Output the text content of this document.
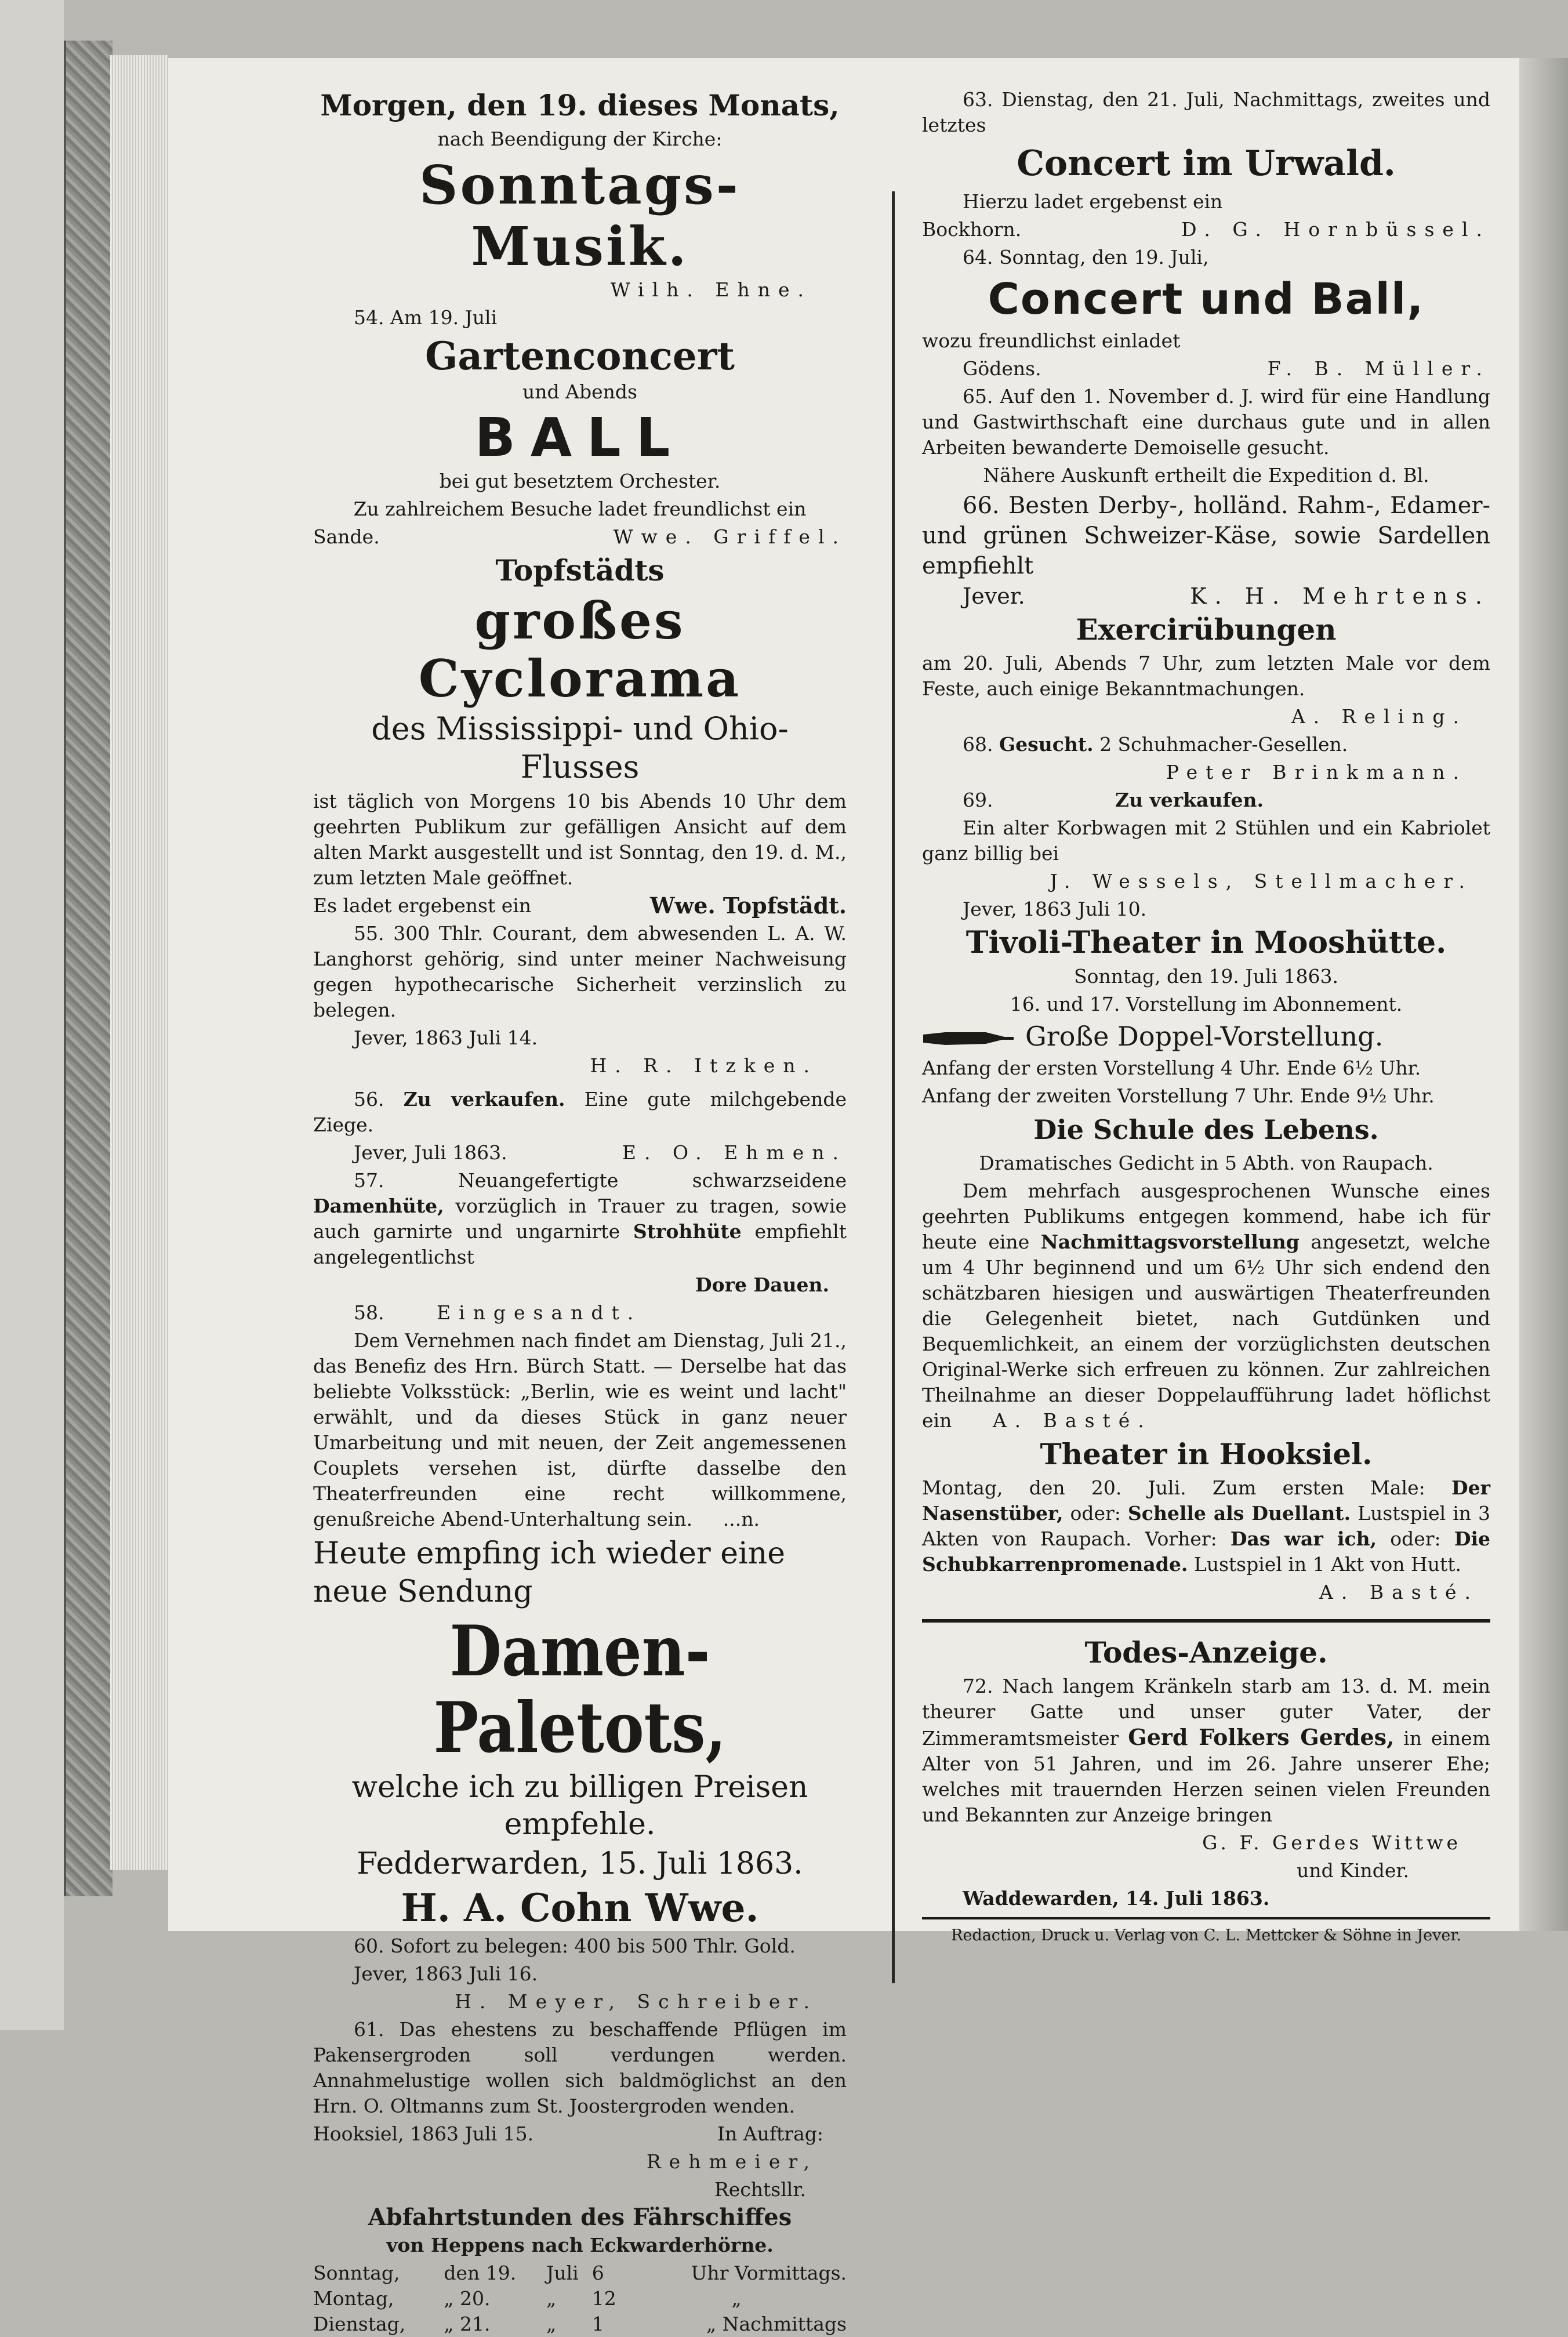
Morgen, den 19. dieses Monats,

nach Beendigung der Kirche:

Sonntags-Musik.

Wilh. Ehne.

54. Am 19. Juli

Gartenconcert

und Abends

BALL

bei gut besetztem Orchester.

Zu zahlreichem Besuche ladet freundlichst ein

Sande.	Wwe. Griffel.

Topfstädts

großes Cyclorama

des Mississippi- und Ohio-Flusses

ist täglich von Morgens 10 bis Abends 10 Uhr dem geehrten Publikum zur gefälligen Ansicht auf dem alten Markt ausgestellt und ist Sonntag, den 19. d. M., zum letzten Male geöffnet.

Es ladet ergebenst ein	Wwe. Topfstädt.

55. 300 Thlr. Courant, dem abwesenden L. A. W. Langhorst gehörig, sind unter meiner Nachweisung gegen hypothecarische Sicherheit verzinslich zu belegen.

Jever, 1863 Juli 14.

H. R. Itzken.

56. Zu verkaufen. Eine gute milchgebende Ziege.

Jever, Juli 1863.	E. O. Ehmen.

57. Neuangefertigte schwarzseidene Damenhüte, vorzüglich in Trauer zu tragen, sowie auch garnirte und ungarnirte Strohhüte empfiehlt angelegentlichst

Dore Dauen.

58.	Eingesandt.

Dem Vernehmen nach findet am Dienstag, Juli 21., das Benefiz des Hrn. Bürch Statt. — Derselbe hat das beliebte Volksstück: „Berlin, wie es weint und lacht" erwählt, und da dieses Stück in ganz neuer Umarbeitung und mit neuen, der Zeit angemessenen Couplets versehen ist, dürfte dasselbe den Theaterfreunden eine recht willkommene, genußreiche Abend-Unterhaltung sein.	...n.

Heute empfing ich wieder eine neue Sendung

Damen-Paletots,

welche ich zu billigen Preisen empfehle.

Fedderwarden, 15. Juli 1863.

H. A. Cohn Wwe.

60. Sofort zu belegen: 400 bis 500 Thlr. Gold.

Jever, 1863 Juli 16.

H. Meyer, Schreiber.

61. Das ehestens zu beschaffende Pflügen im Pakensergroden soll verdungen werden. Annahmelustige wollen sich baldmöglichst an den Hrn. O. Oltmanns zum St. Joostergroden wenden.

Hooksiel, 1863 Juli 15.	In Auftrag:

Rehmeier,

Rechtsllr.

Abfahrtstunden des Fährschiffes

von Heppens nach Eckwarderhörne.

Sonntag,	den 19.	Juli	6	Uhr Vormittags.
Montag,	„ 20.	„	12	„
Dienstag,	„ 21.	„	1	„ Nachmittags

63. Dienstag, den 21. Juli, Nachmittags, zweites und letztes

Concert im Urwald.

Hierzu ladet ergebenst ein

Bockhorn.	D. G. Hornbüssel.

64. Sonntag, den 19. Juli,

Concert und Ball,

wozu freundlichst einladet

Gödens.	F. B. Müller.

65. Auf den 1. November d. J. wird für eine Handlung und Gastwirthschaft eine durchaus gute und in allen Arbeiten bewanderte Demoiselle gesucht.

Nähere Auskunft ertheilt die Expedition d. Bl.

66. Besten Derby-, holländ. Rahm-, Edamer- und grünen Schweizer-Käse, sowie Sardellen empfiehlt

Jever.	K. H. Mehrtens.

Exercirübungen

am 20. Juli, Abends 7 Uhr, zum letzten Male vor dem Feste, auch einige Bekanntmachungen.

A. Reling.

68. Gesucht. 2 Schuhmacher-Gesellen.

Peter Brinkmann.

69.	Zu verkaufen.

Ein alter Korbwagen mit 2 Stühlen und ein Kabriolet ganz billig bei

J. Wessels, Stellmacher.

Jever, 1863 Juli 10.

Tivoli-Theater in Mooshütte.

Sonntag, den 19. Juli 1863.

16. und 17. Vorstellung im Abonnement.

Große Doppel-Vorstellung.

Anfang der ersten Vorstellung 4 Uhr. Ende 6½ Uhr.

Anfang der zweiten Vorstellung 7 Uhr. Ende 9½ Uhr.

Die Schule des Lebens.

Dramatisches Gedicht in 5 Abth. von Raupach.

Dem mehrfach ausgesprochenen Wunsche eines geehrten Publikums entgegen kommend, habe ich für heute eine Nachmittagsvorstellung angesetzt, welche um 4 Uhr beginnend und um 6½ Uhr sich endend den schätzbaren hiesigen und auswärtigen Theaterfreunden die Gelegenheit bietet, nach Gutdünken und Bequemlichkeit, an einem der vorzüglichsten deutschen Original-Werke sich erfreuen zu können. Zur zahlreichen Theilnahme an dieser Doppelaufführung ladet höflichst ein A. Basté.

Theater in Hooksiel.

Montag, den 20. Juli. Zum ersten Male: Der Nasenstüber, oder: Schelle als Duellant. Lustspiel in 3 Akten von Raupach. Vorher: Das war ich, oder: Die Schubkarrenpromenade. Lustspiel in 1 Akt von Hutt.

A. Basté.

Todes-Anzeige.

72. Nach langem Kränkeln starb am 13. d. M. mein theurer Gatte und unser guter Vater, der Zimmeramtsmeister Gerd Folkers Gerdes, in einem Alter von 51 Jahren, und im 26. Jahre unserer Ehe; welches mit trauernden Herzen seinen vielen Freunden und Bekannten zur Anzeige bringen

G. F. Gerdes Wittwe

und Kinder.

Waddewarden, 14. Juli 1863.

Redaction, Druck u. Verlag von C. L. Mettcker & Söhne in Jever.
